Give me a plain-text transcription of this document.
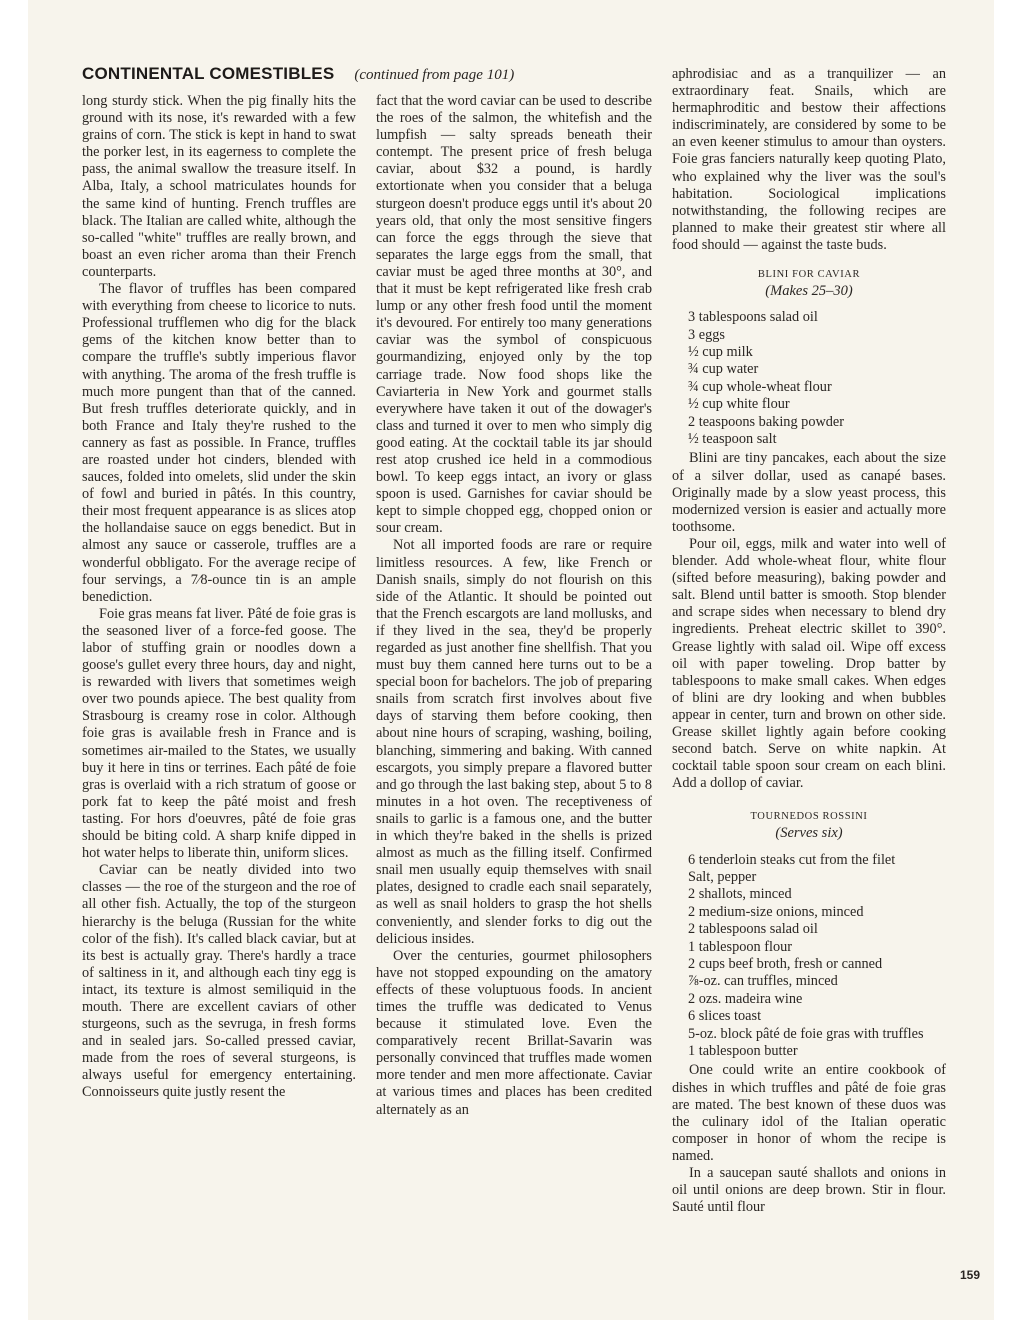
CONTINENTAL COMESTIBLES (continued from page 101)

long sturdy stick. When the pig finally hits the ground with its nose, it's rewarded with a few grains of corn. The stick is kept in hand to swat the porker lest, in its eagerness to complete the pass, the animal swallow the treasure itself. In Alba, Italy, a school matriculates hounds for the same kind of hunting. French truffles are black. The Italian are called white, although the so-called "white" truffles are really brown, and boast an even richer aroma than their French counterparts.

The flavor of truffles has been compared with everything from cheese to licorice to nuts. Professional trufflemen who dig for the black gems of the kitchen know better than to compare the truffle's subtly imperious flavor with anything. The aroma of the fresh truffle is much more pungent than that of the canned. But fresh truffles deteriorate quickly, and in both France and Italy they're rushed to the cannery as fast as possible. In France, truffles are roasted under hot cinders, blended with sauces, folded into omelets, slid under the skin of fowl and buried in pâtés. In this country, their most frequent appearance is as slices atop the hollandaise sauce on eggs benedict. But in almost any sauce or casserole, truffles are a wonderful obbligato. For the average recipe of four servings, a 7⁄8-ounce tin is an ample benediction.

Foie gras means fat liver. Pâté de foie gras is the seasoned liver of a force-fed goose. The labor of stuffing grain or noodles down a goose's gullet every three hours, day and night, is rewarded with livers that sometimes weigh over two pounds apiece. The best quality from Strasbourg is creamy rose in color. Although foie gras is available fresh in France and is sometimes air-mailed to the States, we usually buy it here in tins or terrines. Each pâté de foie gras is overlaid with a rich stratum of goose or pork fat to keep the pâté moist and fresh tasting. For hors d'oeuvres, pâté de foie gras should be biting cold. A sharp knife dipped in hot water helps to liberate thin, uniform slices.

Caviar can be neatly divided into two classes — the roe of the sturgeon and the roe of all other fish. Actually, the top of the sturgeon hierarchy is the beluga (Russian for the white color of the fish). It's called black caviar, but at its best is actually gray. There's hardly a trace of saltiness in it, and although each tiny egg is intact, its texture is almost semiliquid in the mouth. There are excellent caviars of other sturgeons, such as the sevruga, in fresh forms and in sealed jars. So-called pressed caviar, made from the roes of several sturgeons, is always useful for emergency entertaining. Connoisseurs quite justly resent the

fact that the word caviar can be used to describe the roes of the salmon, the whitefish and the lumpfish — salty spreads beneath their contempt. The present price of fresh beluga caviar, about $32 a pound, is hardly extortionate when you consider that a beluga sturgeon doesn't produce eggs until it's about 20 years old, that only the most sensitive fingers can force the eggs through the sieve that separates the large eggs from the small, that caviar must be aged three months at 30°, and that it must be kept refrigerated like fresh crab lump or any other fresh food until the moment it's devoured. For entirely too many generations caviar was the symbol of conspicuous gourmandizing, enjoyed only by the top carriage trade. Now food shops like the Caviarteria in New York and gourmet stalls everywhere have taken it out of the dowager's class and turned it over to men who simply dig good eating. At the cocktail table its jar should rest atop crushed ice held in a commodious bowl. To keep eggs intact, an ivory or glass spoon is used. Garnishes for caviar should be kept to simple chopped egg, chopped onion or sour cream.

Not all imported foods are rare or require limitless resources. A few, like French or Danish snails, simply do not flourish on this side of the Atlantic. It should be pointed out that the French escargots are land mollusks, and if they lived in the sea, they'd be properly regarded as just another fine shellfish. That you must buy them canned here turns out to be a special boon for bachelors. The job of preparing snails from scratch first involves about five days of starving them before cooking, then about nine hours of scraping, washing, boiling, blanching, simmering and baking. With canned escargots, you simply prepare a flavored butter and go through the last baking step, about 5 to 8 minutes in a hot oven. The receptiveness of snails to garlic is a famous one, and the butter in which they're baked in the shells is prized almost as much as the filling itself. Confirmed snail men usually equip themselves with snail plates, designed to cradle each snail separately, as well as snail holders to grasp the hot shells conveniently, and slender forks to dig out the delicious insides.

Over the centuries, gourmet philosophers have not stopped expounding on the amatory effects of these voluptuous foods. In ancient times the truffle was dedicated to Venus because it stimulated love. Even the comparatively recent Brillat-Savarin was personally convinced that truffles made women more tender and men more affectionate. Caviar at various times and places has been credited alternately as an

aphrodisiac and as a tranquilizer — an extraordinary feat. Snails, which are hermaphroditic and bestow their affections indiscriminately, are considered by some to be an even keener stimulus to amour than oysters. Foie gras fanciers naturally keep quoting Plato, who explained why the liver was the soul's habitation. Sociological implications notwithstanding, the following recipes are planned to make their greatest stir where all food should — against the taste buds.

BLINI FOR CAVIAR
(Makes 25–30)
3 tablespoons salad oil
3 eggs
½ cup milk
¾ cup water
¾ cup whole-wheat flour
½ cup white flour
2 teaspoons baking powder
½ teaspoon salt

Blini are tiny pancakes, each about the size of a silver dollar, used as canapé bases. Originally made by a slow yeast process, this modernized version is easier and actually more toothsome.

Pour oil, eggs, milk and water into well of blender. Add whole-wheat flour, white flour (sifted before measuring), baking powder and salt. Blend until batter is smooth. Stop blender and scrape sides when necessary to blend dry ingredients. Preheat electric skillet to 390°. Grease lightly with salad oil. Wipe off excess oil with paper toweling. Drop batter by tablespoons to make small cakes. When edges of blini are dry looking and when bubbles appear in center, turn and brown on other side. Grease skillet lightly again before cooking second batch. Serve on white napkin. At cocktail table spoon sour cream on each blini. Add a dollop of caviar.

TOURNEDOS ROSSINI
(Serves six)
6 tenderloin steaks cut from the filet
Salt, pepper
2 shallots, minced
2 medium-size onions, minced
2 tablespoons salad oil
1 tablespoon flour
2 cups beef broth, fresh or canned
⅞-oz. can truffles, minced
2 ozs. madeira wine
6 slices toast
5-oz. block pâté de foie gras with truffles
1 tablespoon butter

One could write an entire cookbook of dishes in which truffles and pâté de foie gras are mated. The best known of these duos was the culinary idol of the Italian operatic composer in honor of whom the recipe is named.

In a saucepan sauté shallots and onions in oil until onions are deep brown. Stir in flour. Sauté until flour

159
